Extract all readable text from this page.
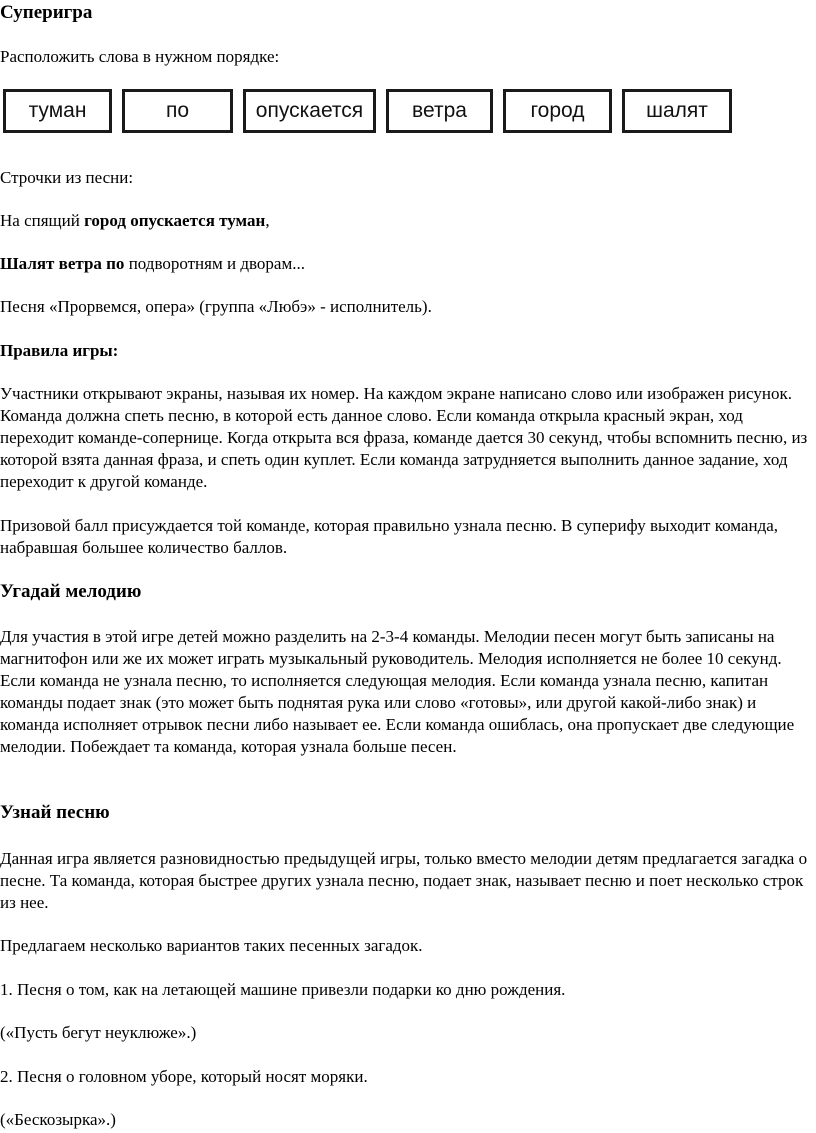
Суперигра
Расположить слова в нужном порядке:
туман	по	опускается	ветра	город	шалят
Строчки из песни:
На спящий город опускается туман,
Шалят ветра по подворотням и дворам...
Песня «Прорвемся, опера» (группа «Любэ» - исполнитель).
Правила игры:
Участники открывают экраны, называя их номер. На каждом экране написано слово или изображен рисунок. Команда должна спеть песню, в которой есть данное слово. Если команда открыла красный экран, ход переходит команде-сопернице. Когда открыта вся фраза, команде дается 30 секунд, чтобы вспомнить песню, из которой взята данная фраза, и спеть один куплет. Если команда затрудняется выполнить данное задание, ход переходит к другой команде.
Призовой балл присуждается той команде, которая правильно узнала песню. В суперифу выходит команда, набравшая большее количество баллов.
Угадай мелодию
Для участия в этой игре детей можно разделить на 2-3-4 команды. Мелодии песен могут быть записаны на магнитофон или же их может играть музыкальный руководитель. Мелодия исполняется не более 10 секунд. Если команда не узнала песню, то исполняется следующая мелодия. Если команда узнала песню, капитан команды подает знак (это может быть поднятая рука или слово «готовы», или другой какой-либо знак) и команда исполняет отрывок песни либо называет ее. Если команда ошиблась, она пропускает две следующие мелодии. Побеждает та команда, которая узнала больше песен.
Узнай песню
Данная игра является разновидностью предыдущей игры, только вместо мелодии детям предлагается загадка о песне. Та команда, которая быстрее других узнала песню, подает знак, называет песню и поет несколько строк из нее.
Предлагаем несколько вариантов таких песенных загадок.
1. Песня о том, как на летающей машине привезли подарки ко дню рождения.
(«Пусть бегут неуклюже».)
2. Песня о головном уборе, который носят моряки.
(«Бескозырка».)
